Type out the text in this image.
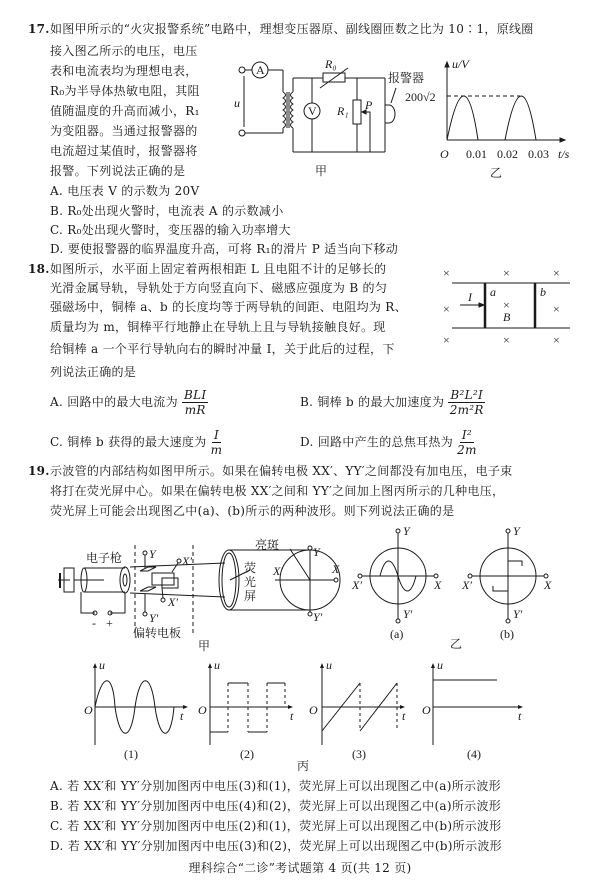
17. 如图甲所示的“火灾报警系统”电路中，理想变压器原、副线圈匝数之比为 10∶1，原线圈
接入图乙所示的电压，电压
表和电流表均为理想电表，
R₀为半导体热敏电阻，其阻
值随温度的升高而减小，R₁
为变阻器。当通过报警器的
电流超过某值时，报警器将
报警。下列说法正确的是
A. 电压表 V 的示数为 20V
B. R₀处出现火警时，电流表 A 的示数减小
C. R₀处出现火警时，变压器的输入功率增大
D. 要使报警器的临界温度升高，可将 R₁的滑片 P 适当向下移动
A
V
u
R₀
R₁ P
报警器
甲
u/V
200√2
O 0.01 0.02 0.03 t/s
乙
18. 如图所示，水平面上固定着两根相距 L 且电阻不计的足够长的
光滑金属导轨，导轨处于方向竖直向下、磁感应强度为 B 的匀
强磁场中，铜棒 a、b 的长度均等于两导轨的间距、电阻均为 R、
质量均为 m，铜棒平行地静止在导轨上且与导轨接触良好。现
给铜棒 a 一个平行导轨向右的瞬时冲量 I，关于此后的过程，下
列说法正确的是
A. 回路中的最大电流为 $\frac{\text{BLI}}{mR}$	B. 铜棒 b 的最大加速度为 $\frac{\text{B²L²I}}{\text{2m²R}}$
C. 铜棒 b 获得的最大速度为 $\frac{I}{m}$	D. 回路中产生的总焦耳热为 $\frac{\text{I²}}{2m}$
×	×	×
×	×	×
×	×	×
I a	b
B
19. 示波管的内部结构如图甲所示。如果在偏转电极 XX′、YY′之间都没有加电压，电子束
将打在荧光屏中心。如果在偏转电极 XX′之间和 YY′之间加上图丙所示的几种电压，
荧光屏上可能会出现图乙中(a)、(b)所示的两种波形。则下列说法正确的是
电子枪
偏转电板
亮斑
荧
光
屏
- +
Y
Y′
X′
X′
Y
Y′
X
X′
甲
Y
Y′
X
X′
Y
Y′
X
X′
(a)	(b)
乙
u
O	t
u
O	t
u
O	t
u
O	t
(1)	(2)	(3)	(4)
丙
A. 若 XX′和 YY′分别加图丙中电压(3)和(1)，荧光屏上可以出现图乙中(a)所示波形
B. 若 XX′和 YY′分别加图丙中电压(4)和(2)，荧光屏上可以出现图乙中(a)所示波形
C. 若 XX′和 YY′分别加图丙中电压(2)和(1)，荧光屏上可以出现图乙中(b)所示波形
D. 若 XX′和 YY′分别加图丙中电压(3)和(2)，荧光屏上可以出现图乙中(b)所示波形
理科综合“二诊”考试题第 4 页(共 12 页)
